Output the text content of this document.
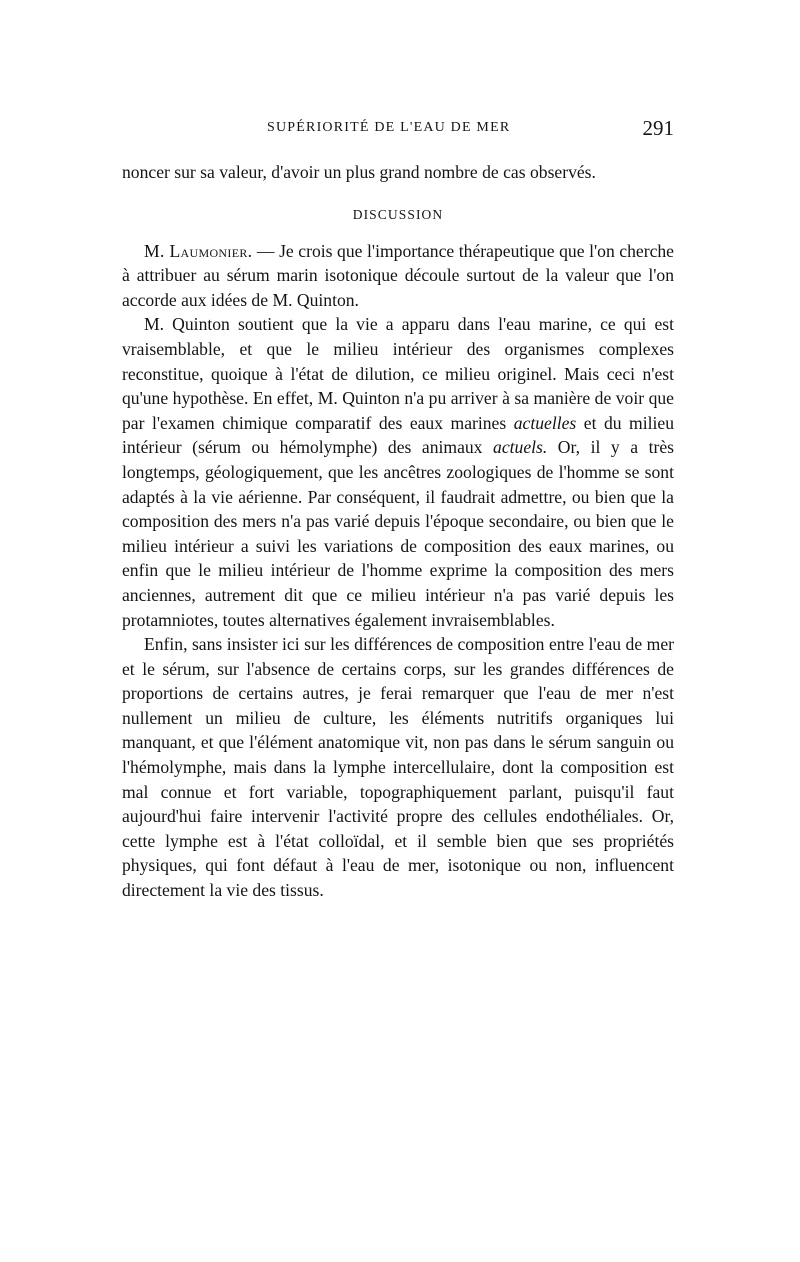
SUPÉRIORITÉ DE L'EAU DE MER	291

noncer sur sa valeur, d'avoir un plus grand nombre de cas observés.

DISCUSSION

M. Laumonier. — Je crois que l'importance thérapeutique que l'on cherche à attribuer au sérum marin isotonique découle surtout de la valeur que l'on accorde aux idées de M. Quinton.

M. Quinton soutient que la vie a apparu dans l'eau marine, ce qui est vraisemblable, et que le milieu intérieur des organismes complexes reconstitue, quoique à l'état de dilution, ce milieu originel. Mais ceci n'est qu'une hypothèse. En effet, M. Quinton n'a pu arriver à sa manière de voir que par l'examen chimique comparatif des eaux marines actuelles et du milieu intérieur (sérum ou hémolymphe) des animaux actuels. Or, il y a très longtemps, géologiquement, que les ancêtres zoologiques de l'homme se sont adaptés à la vie aérienne. Par conséquent, il faudrait admettre, ou bien que la composition des mers n'a pas varié depuis l'époque secondaire, ou bien que le milieu intérieur a suivi les variations de composition des eaux marines, ou enfin que le milieu intérieur de l'homme exprime la composition des mers anciennes, autrement dit que ce milieu intérieur n'a pas varié depuis les protamniotes, toutes alternatives également invraisemblables.

Enfin, sans insister ici sur les différences de composition entre l'eau de mer et le sérum, sur l'absence de certains corps, sur les grandes différences de proportions de certains autres, je ferai remarquer que l'eau de mer n'est nullement un milieu de culture, les éléments nutritifs organiques lui manquant, et que l'élément anatomique vit, non pas dans le sérum sanguin ou l'hémolymphe, mais dans la lymphe intercellulaire, dont la composition est mal connue et fort variable, topographiquement parlant, puisqu'il faut aujourd'hui faire intervenir l'activité propre des cellules endothéliales. Or, cette lymphe est à l'état colloïdal, et il semble bien que ses propriétés physiques, qui font défaut à l'eau de mer, isotonique ou non, influencent directement la vie des tissus.
